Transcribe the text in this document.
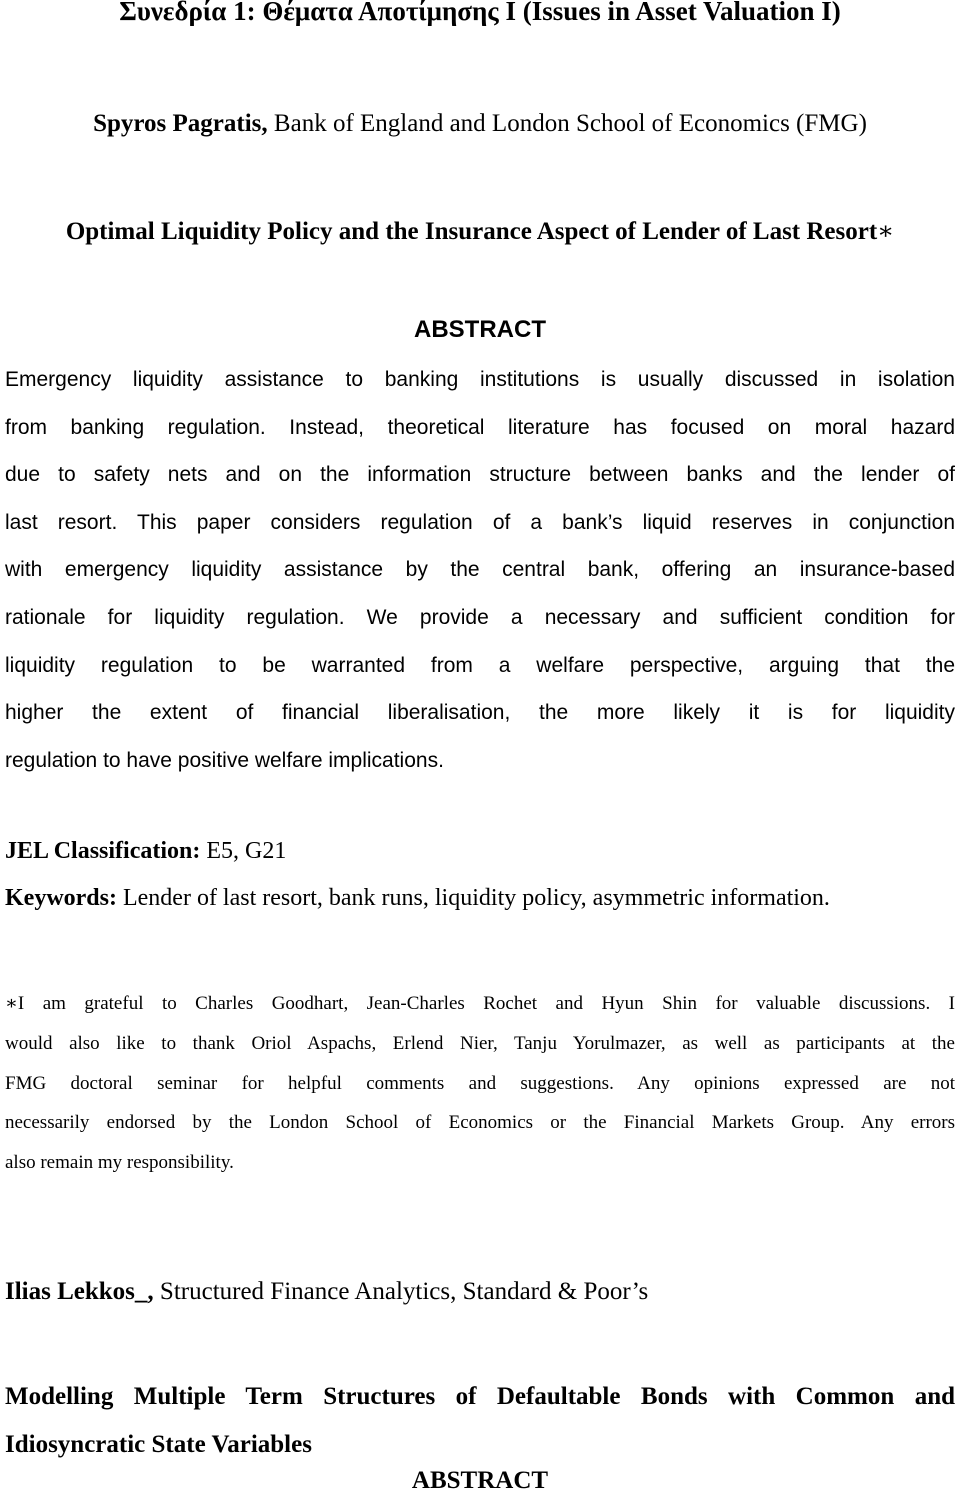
Συνεδρία 1: Θέματα Αποτίμησης Ι (Issues in Asset Valuation I)
Spyros Pagratis, Bank of England and London School of Economics (FMG)
Optimal Liquidity Policy and the Insurance Aspect of Lender of Last Resort∗
ABSTRACT
Emergency liquidity assistance to banking institutions is usually discussed in isolation
from banking regulation. Instead, theoretical literature has focused on moral hazard
due to safety nets and on the information structure between banks and the lender of
last resort. This paper considers regulation of a bank’s liquid reserves in conjunction
with emergency liquidity assistance by the central bank, offering an insurance-based
rationale for liquidity regulation. We provide a necessary and sufficient condition for
liquidity regulation to be warranted from a welfare perspective, arguing that the
higher the extent of financial liberalisation, the more likely it is for liquidity
regulation to have positive welfare implications.
JEL Classification: E5, G21
Keywords: Lender of last resort, bank runs, liquidity policy, asymmetric information.
∗I am grateful to Charles Goodhart, Jean-Charles Rochet and Hyun Shin for valuable discussions. I
would also like to thank Oriol Aspachs, Erlend Nier, Tanju Yorulmazer, as well as participants at the
FMG doctoral seminar for helpful comments and suggestions. Any opinions expressed are not
necessarily endorsed by the London School of Economics or the Financial Markets Group. Any errors
also remain my responsibility.
Ilias Lekkos_, Structured Finance Analytics, Standard & Poor’s
Modelling Multiple Term Structures of Defaultable Bonds with Common and
Idiosyncratic State Variables
ABSTRACT
